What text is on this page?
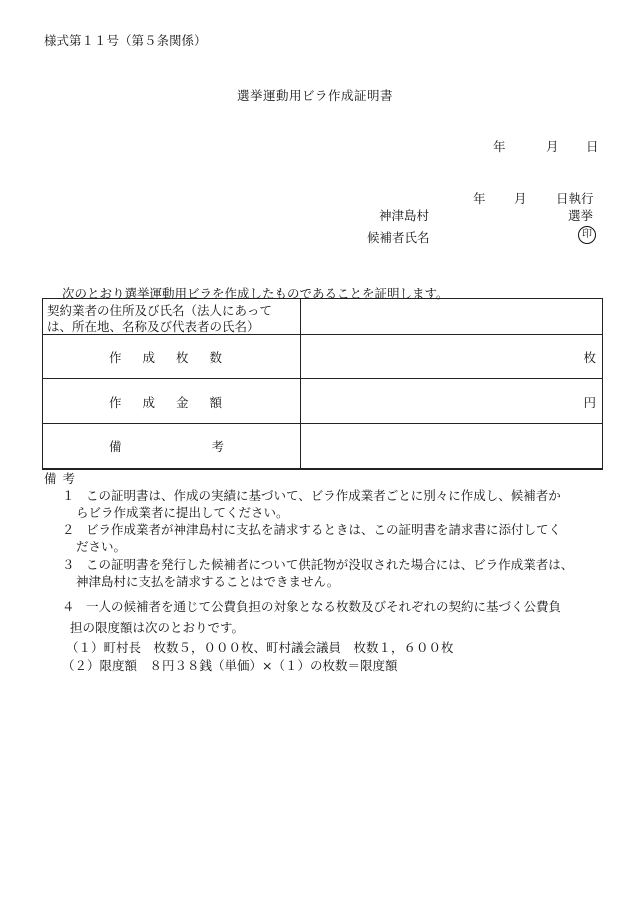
様式第１１号（第５条関係）
選挙運動用ビラ作成証明書
年	月 日
年 月 日執行
神津島村	選挙
候補者氏名	印
次のとおり選挙運動用ビラを作成したものであることを証明します。
契約業者の住所及び氏名（法人にあって
は、所在地、名称及び代表者の氏名）
作成枚数	枚
作成金額	円
備考
備考
１ この証明書は、作成の実績に基づいて、ビラ作成業者ごとに別々に作成し、候補者か
らビラ作成業者に提出してください。
２ ビラ作成業者が神津島村に支払を請求するときは、この証明書を請求書に添付してく
ださい。
３ この証明書を発行した候補者について供託物が没収された場合には、ビラ作成業者は、
神津島村に支払を請求することはできません。
４ 一人の候補者を通じて公費負担の対象となる枚数及びそれぞれの契約に基づく公費負
担の限度額は次のとおりです。
（１）町村長　枚数５，０００枚、町村議会議員　枚数１，６００枚
（２）限度額　８円３８銭（単価）×（１）の枚数＝限度額
